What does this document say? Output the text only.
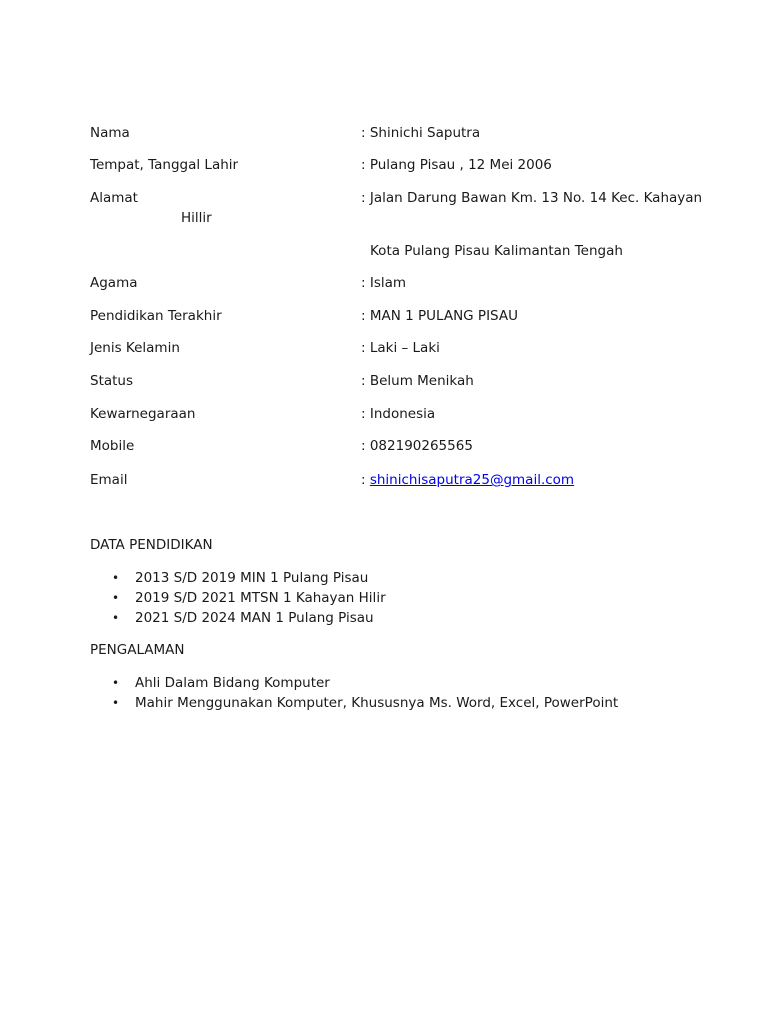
Nama	: Shinichi Saputra
Tempat, Tanggal Lahir	: Pulang Pisau , 12 Mei 2006
Alamat	: Jalan Darung Bawan Km. 13 No. 14 Kec. Kahayan
Hillir
Kota Pulang Pisau Kalimantan Tengah
Agama	: Islam
Pendidikan Terakhir	: MAN 1 PULANG PISAU
Jenis Kelamin	: Laki – Laki
Status	: Belum Menikah
Kewarnegaraan	: Indonesia
Mobile	: 082190265565
Email	: shinichisaputra25@gmail.com
DATA PENDIDIKAN
• 2013 S/D 2019 MIN 1 Pulang Pisau
• 2019 S/D 2021 MTSN 1 Kahayan Hilir
• 2021 S/D 2024 MAN 1 Pulang Pisau
PENGALAMAN
• Ahli Dalam Bidang Komputer
• Mahir Menggunakan Komputer, Khususnya Ms. Word, Excel, PowerPoint
